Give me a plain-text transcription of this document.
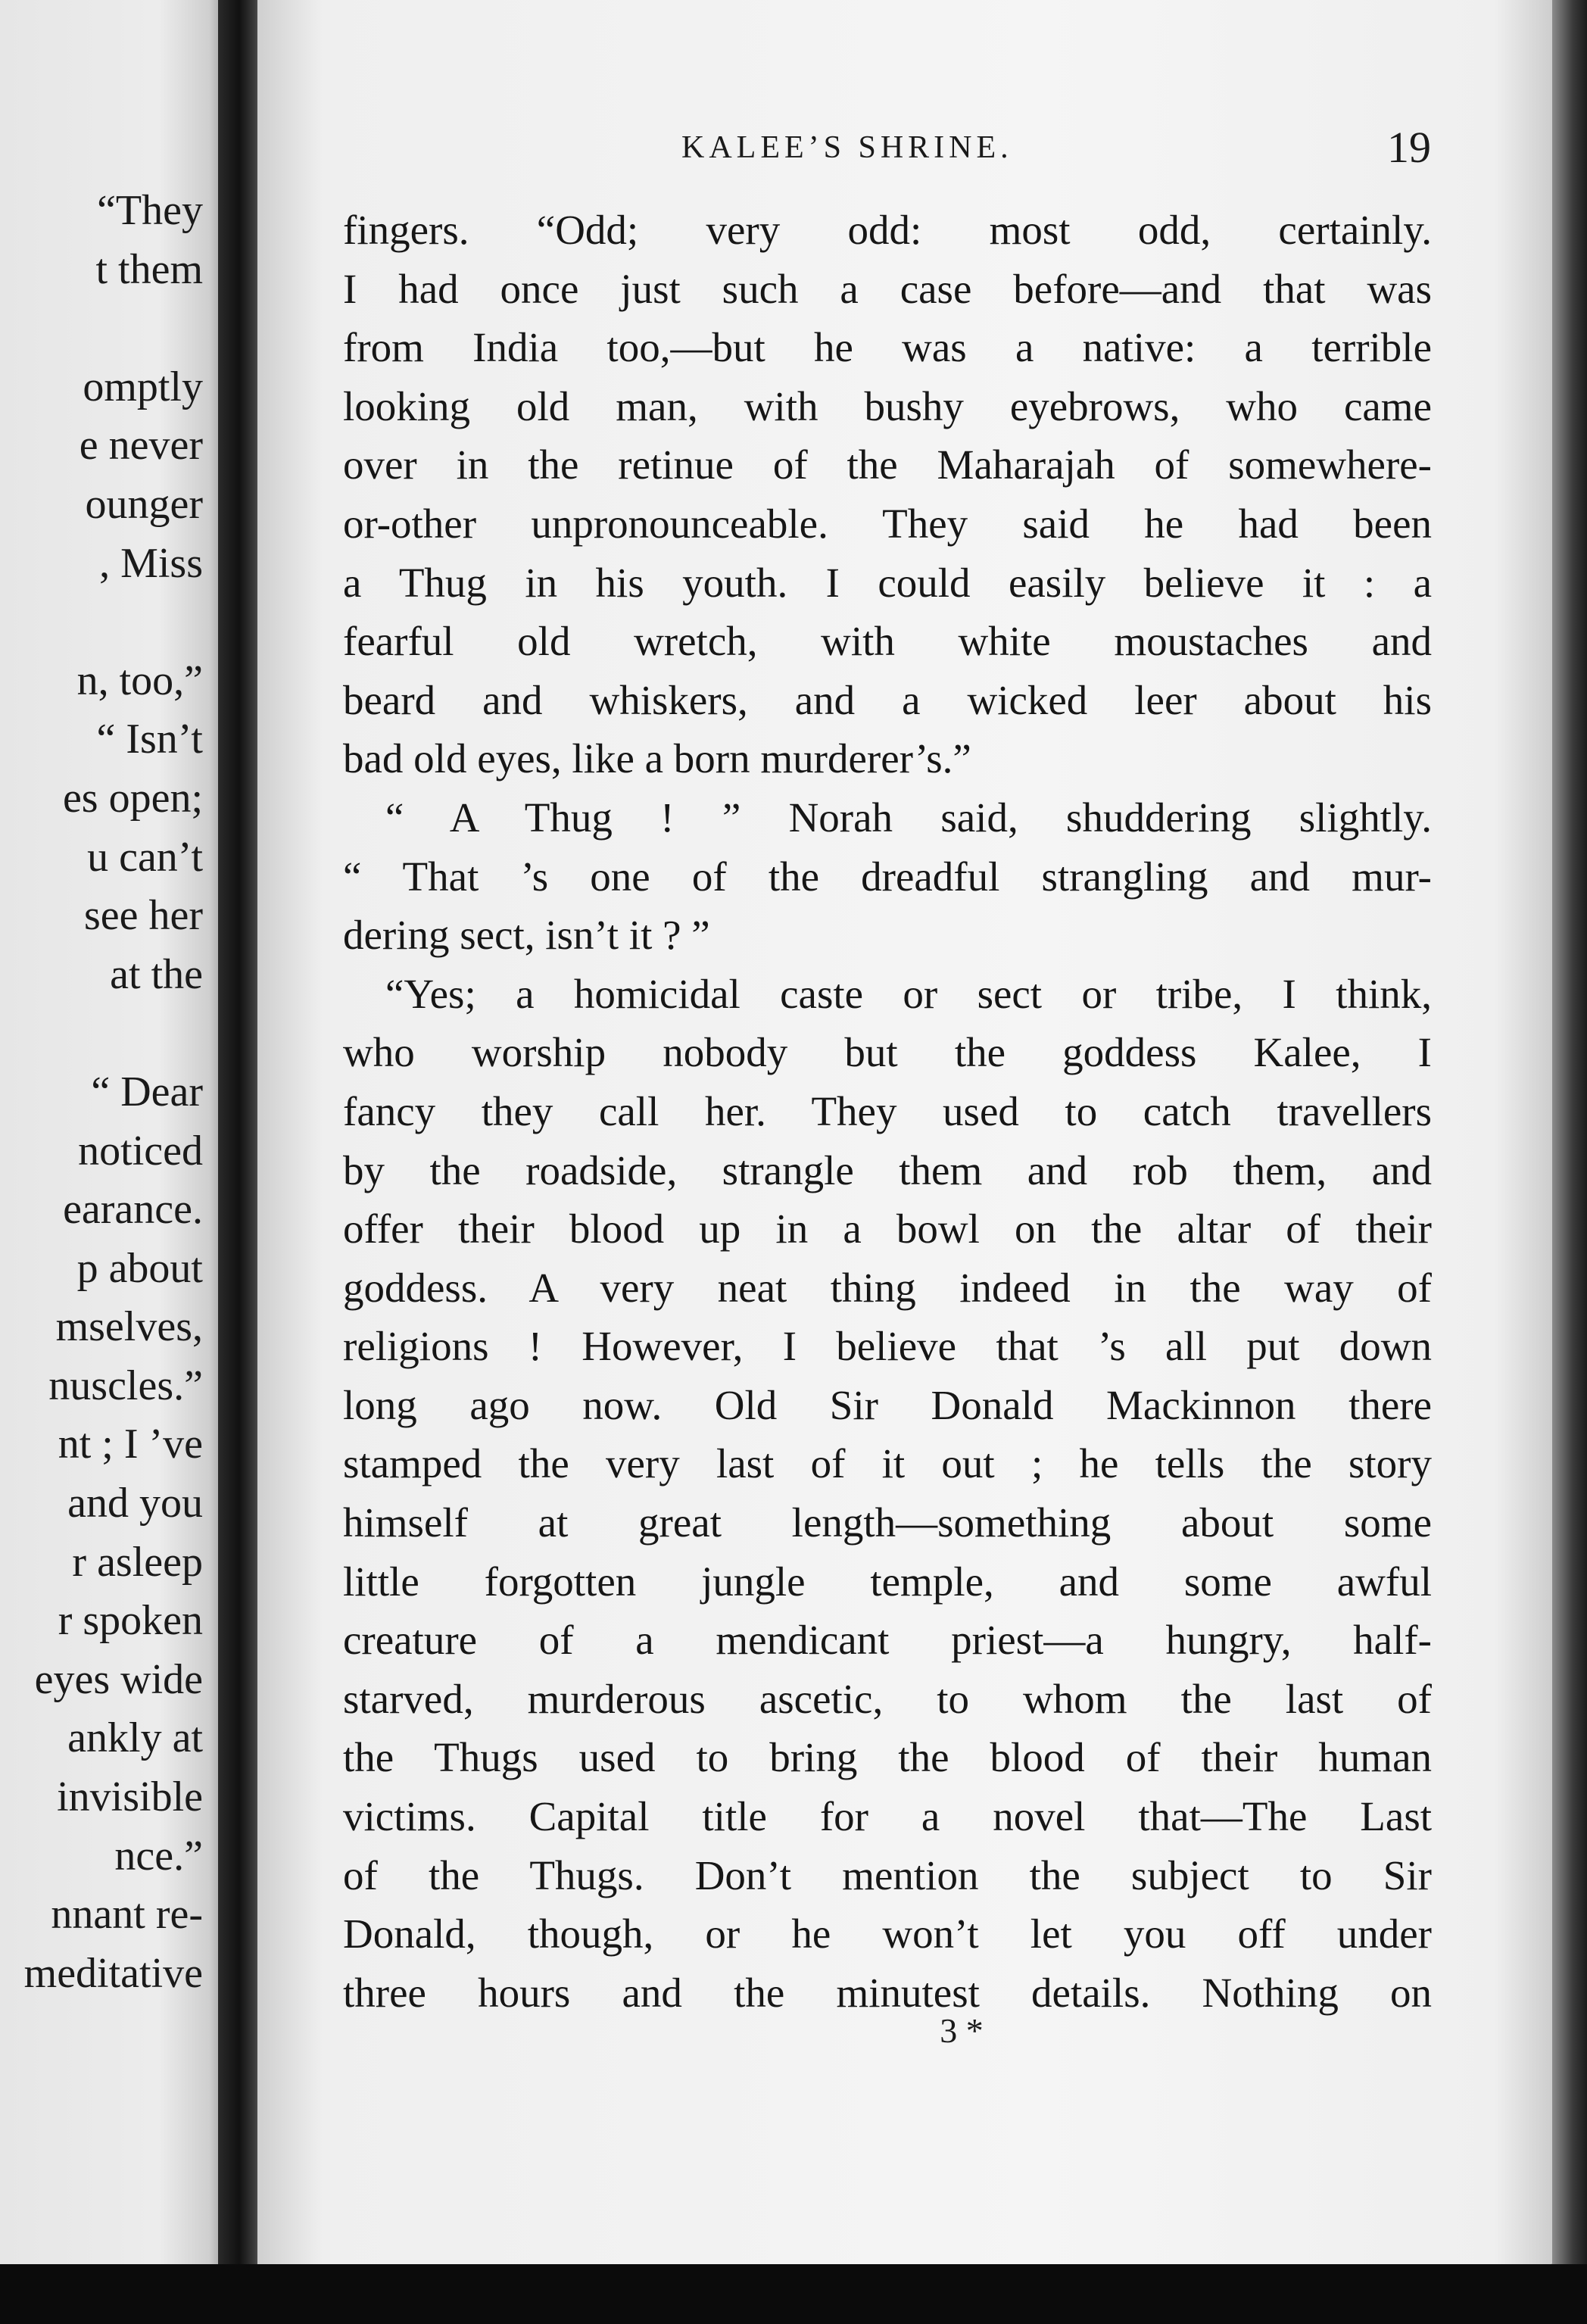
“They
t them
omptly
e never
ounger
, Miss
n, too,”
“ Isn’t
es open;
u can’t
see her
at the
“ Dear
noticed
earance.
p about
mselves,
nuscles.”
nt ; I ’ve
and you
r asleep
r spoken
eyes wide
ankly at
invisible
nce.”
nnant re-
meditative
KALEE’S SHRINE.	19
fingers. “Odd; very odd: most odd, certainly.
I had once just such a case before—and that was
from India too,—but he was a native: a terrible
looking old man, with bushy eyebrows, who came
over in the retinue of the Maharajah of somewhere-
or-other unpronounceable. They said he had been
a Thug in his youth. I could easily believe it : a
fearful old wretch, with white moustaches and
beard and whiskers, and a wicked leer about his
bad old eyes, like a born murderer’s.”
“ A Thug ! ” Norah said, shuddering slightly.
“ That ’s one of the dreadful strangling and mur-
dering sect, isn’t it ? ”
“Yes; a homicidal caste or sect or tribe, I think,
who worship nobody but the goddess Kalee, I
fancy they call her. They used to catch travellers
by the roadside, strangle them and rob them, and
offer their blood up in a bowl on the altar of their
goddess. A very neat thing indeed in the way of
religions ! However, I believe that ’s all put down
long ago now. Old Sir Donald Mackinnon there
stamped the very last of it out ; he tells the story
himself at great length—something about some
little forgotten jungle temple, and some awful
creature of a mendicant priest—a hungry, half-
starved, murderous ascetic, to whom the last of
the Thugs used to bring the blood of their human
victims. Capital title for a novel that—The Last
of the Thugs. Don’t mention the subject to Sir
Donald, though, or he won’t let you off under
three hours and the minutest details. Nothing on
3 *
